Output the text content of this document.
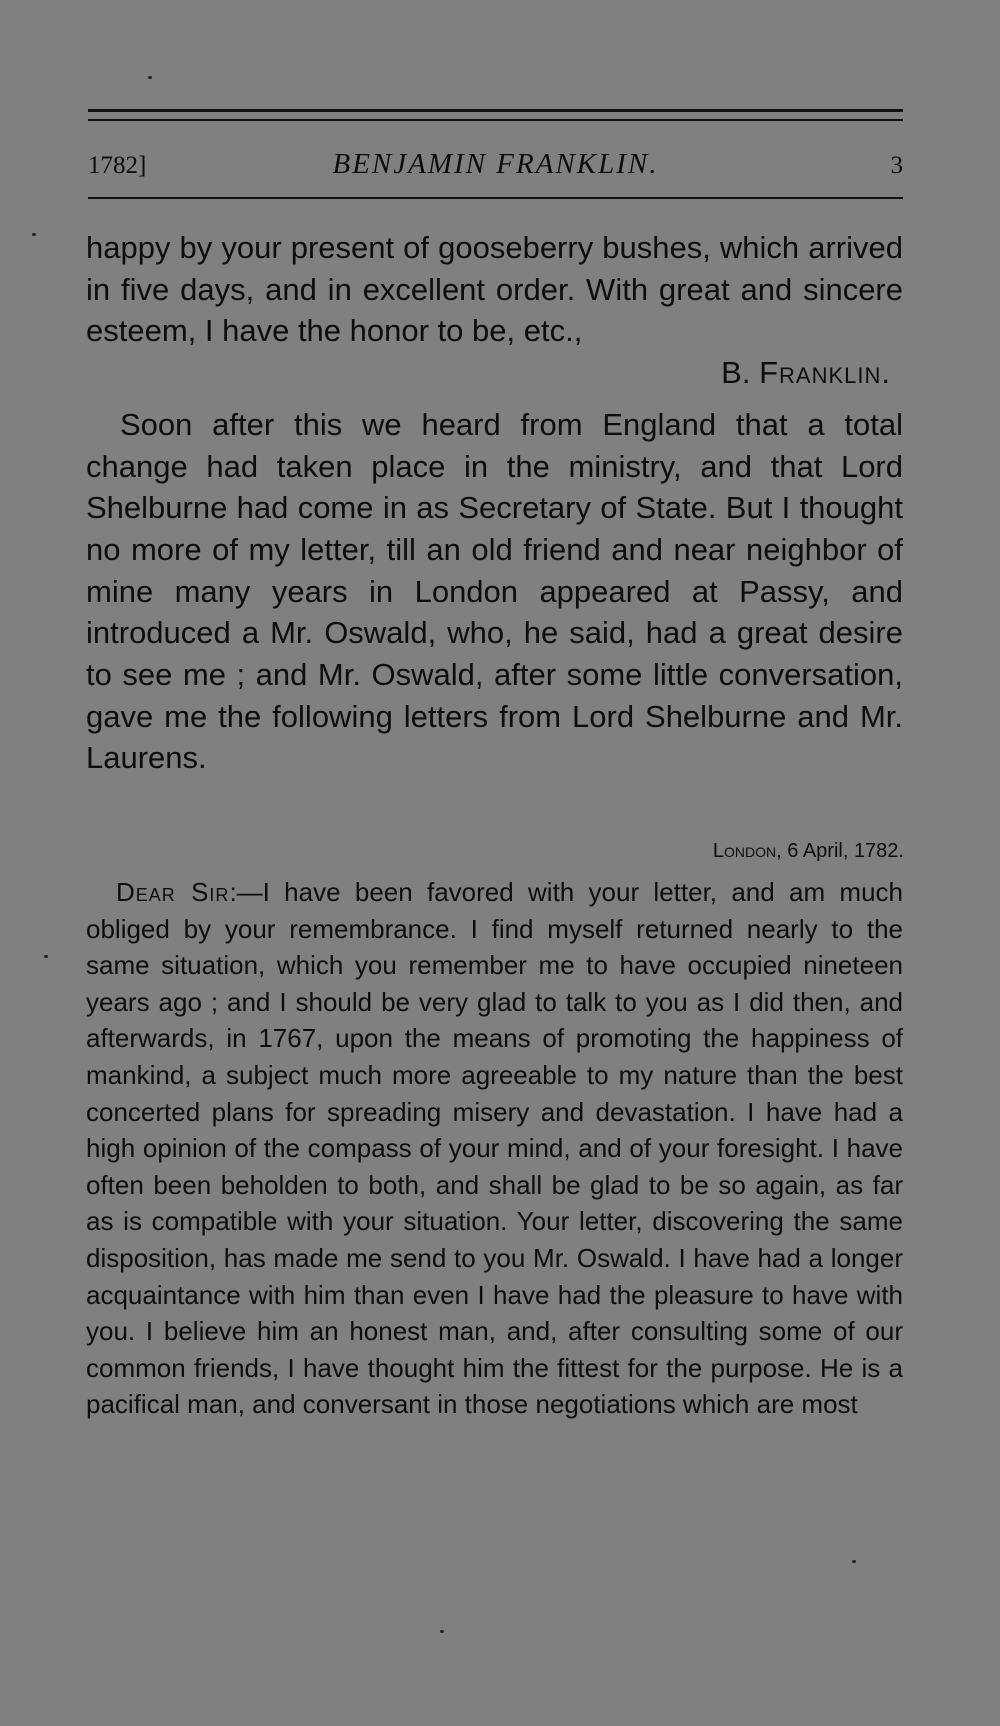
1782]	BENJAMIN FRANKLIN.	3

happy by your present of gooseberry bushes, which arrived in five days, and in excellent order. With great and sincere esteem, I have the honor to be, etc.,

B. Franklin.

Soon after this we heard from England that a total change had taken place in the ministry, and that Lord Shelburne had come in as Secretary of State. But I thought no more of my letter, till an old friend and near neighbor of mine many years in London appeared at Passy, and introduced a Mr. Oswald, who, he said, had a great desire to see me ; and Mr. Oswald, after some little conversation, gave me the following letters from Lord Shelburne and Mr. Laurens.

London, 6 April, 1782.

Dear Sir:—I have been favored with your letter, and am much obliged by your remembrance. I find myself returned nearly to the same situation, which you remember me to have occupied nineteen years ago ; and I should be very glad to talk to you as I did then, and afterwards, in 1767, upon the means of promoting the happiness of mankind, a subject much more agreeable to my nature than the best concerted plans for spreading misery and devastation. I have had a high opinion of the compass of your mind, and of your foresight. I have often been beholden to both, and shall be glad to be so again, as far as is compatible with your situation. Your letter, discovering the same disposition, has made me send to you Mr. Oswald. I have had a longer acquaintance with him than even I have had the pleasure to have with you. I believe him an honest man, and, after consulting some of our common friends, I have thought him the fittest for the purpose. He is a pacifical man, and conversant in those negotiations which are most
